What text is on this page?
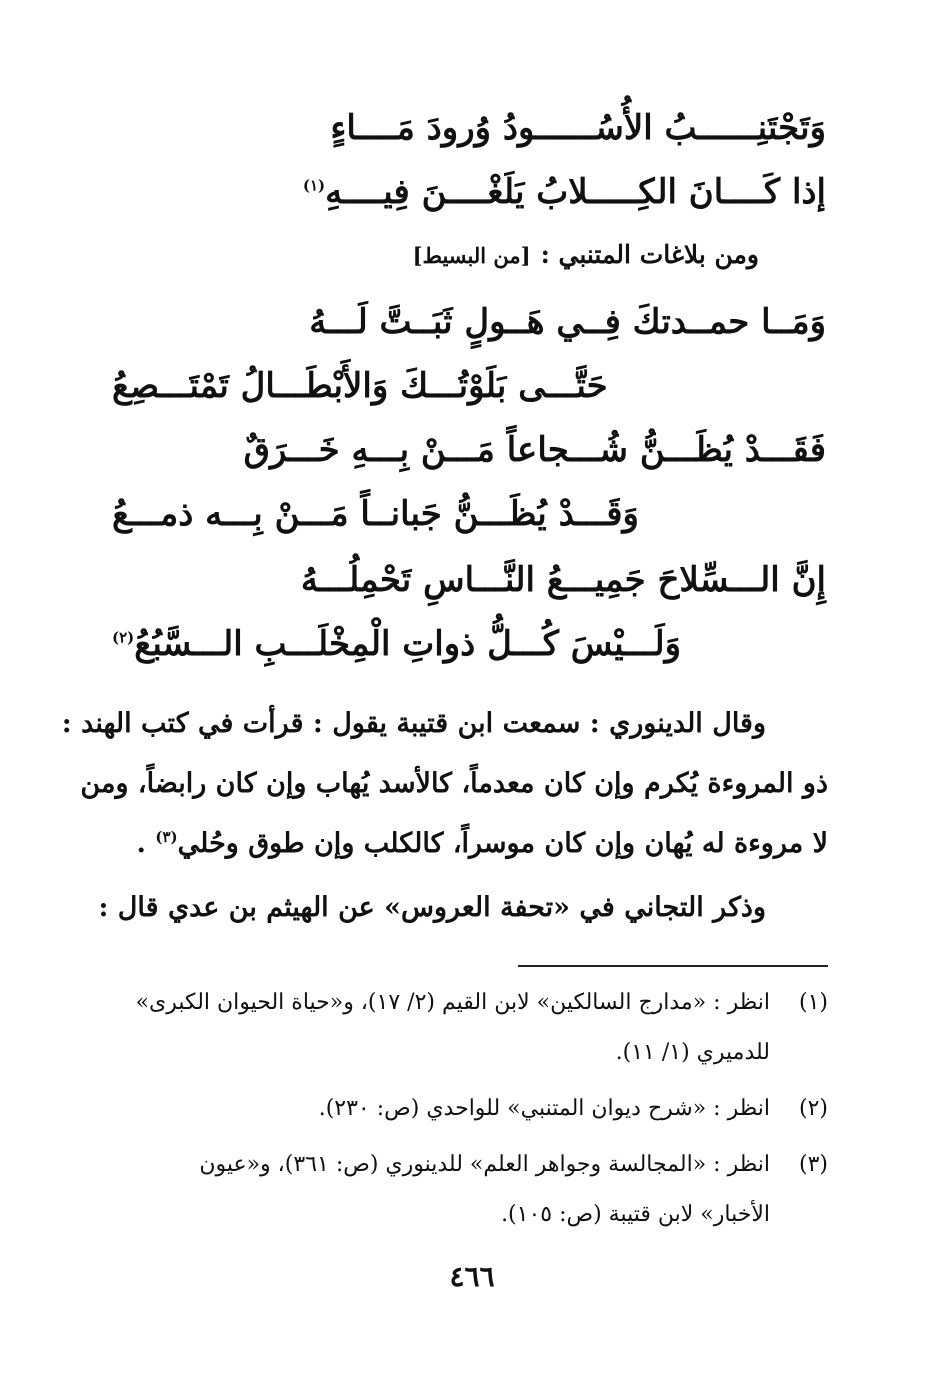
وَتَجْتَنِــــــبُ الأُسُــــــودُ وُرودَ مَــــاءٍ
إذا كَــــانَ الكِـــــلابُ يَلَغْــــنَ فِيــــهِ$^{(١)}$
ومن بلاغات المتنبي :[من البسيط]
وَمَــا حمــدتكَ فِــي هَــولٍ ثَبَــتَّ لَـــهُ
حَتَّـــى بَلَوْتُـــكَ وَالأَبْطَـــالُ تَمْتَـــصِعُ
فَقَـــدْ يُظَـــنُّ شُـــجاعاً مَـــنْ بِـــهِ خَـــرَقٌ
وَقَـــدْ يُظَـــنُّ جَبانــاً مَـــنْ بِـــه ذمـــعُ
إِنَّ الـــسِّلاحَ جَمِيـــعُ النَّـــاسِ تَحْمِلُـــهُ
وَلَـــيْسَ كُـــلُّ ذواتِ الْمِخْلَـــبِ الـــسَّبُعُ$^{(٢)}$
وقال الدينوري : سمعت ابن قتيبة يقول : قرأت في كتب الهند :
ذو المروءة يُكرم وإن كان معدماً، كالأسد يُهاب وإن كان رابضاً، ومن
لا مروءة له يُهان وإن كان موسراً، كالكلب وإن طوق وحُلي$^{(٣)}$ .
وذكر التجاني في «تحفة العروس» عن الهيثم بن عدي قال :
(١)انظر : «مدارج السالكين» لابن القيم (٢/ ١٧)، و«حياة الحيوان الكبرى»
للدميري (١/ ١١).
(٢)انظر : «شرح ديوان المتنبي» للواحدي (ص: ٢٣٠).
(٣)انظر : «المجالسة وجواهر العلم» للدينوري (ص: ٣٦١)، و«عيون
الأخبار» لابن قتيبة (ص: ١٠٥).
٤٦٦
